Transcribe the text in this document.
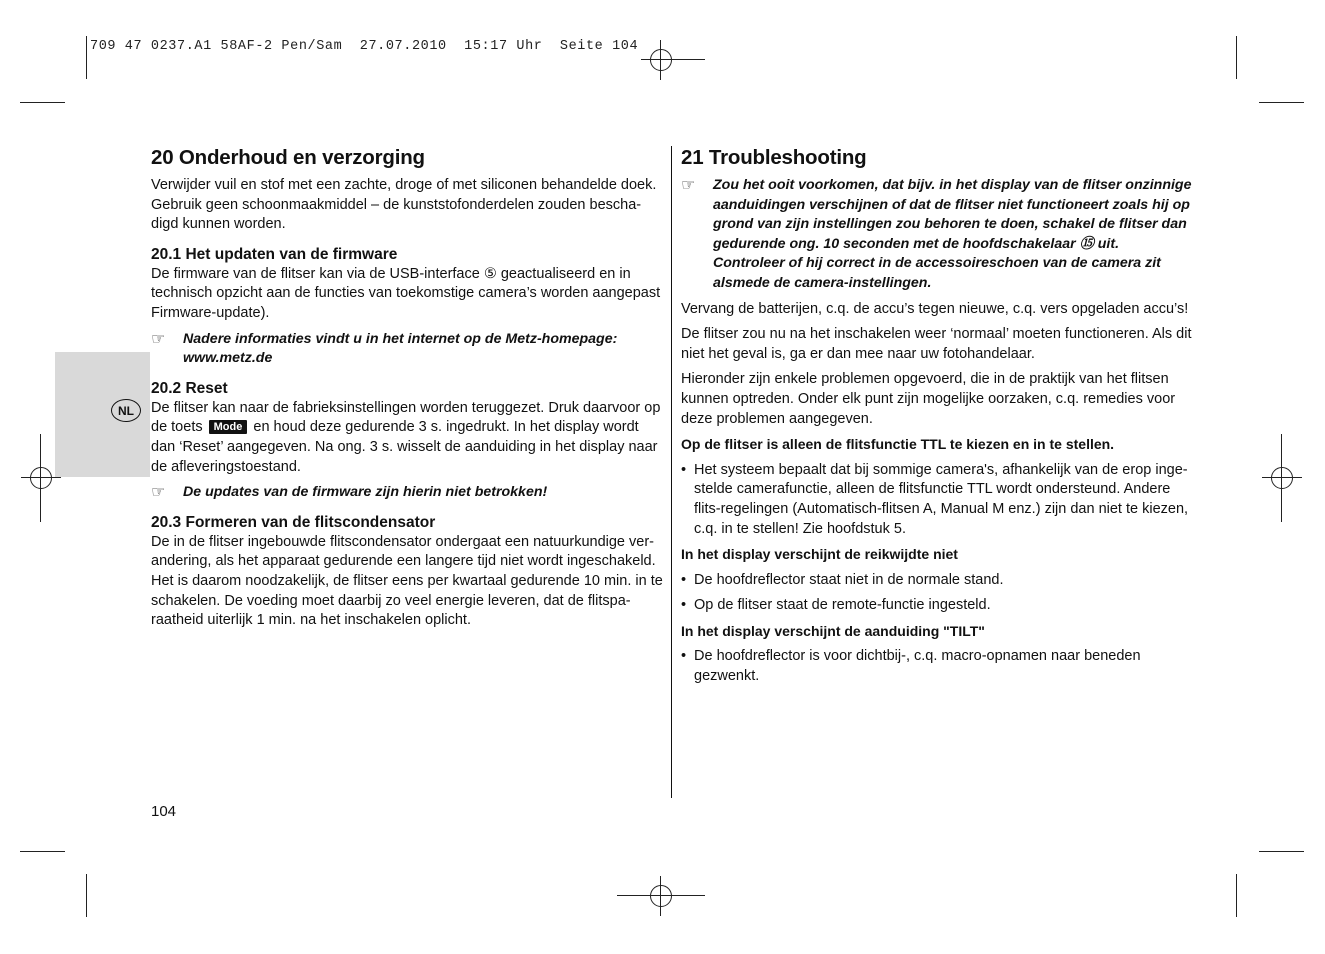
709 47 0237.A1 58AF-2 Pen/Sam  27.07.2010  15:17 Uhr  Seite 104
NL
20 Onderhoud en verzorging

Verwijder vuil en stof met een zachte, droge of met siliconen behandelde doek. Gebruik geen schoonmaakmiddel – de kunststofonderdelen zouden bescha-digd kunnen worden.

20.1 Het updaten van de firmware

De firmware van de flitser kan via de USB-interface ⑤ geactualiseerd en in technisch opzicht aan de functies van toekomstige camera’s worden aangepast Firmware-update).

☞	Nadere informaties vindt u in het internet op de Metz-homepage: www.metz.de
20.2 Reset

De flitser kan naar de fabrieksinstellingen worden teruggezet. Druk daarvoor op de toets Mode en houd deze gedurende 3 s. ingedrukt. In het display wordt dan ‘Reset’ aangegeven. Na ong. 3 s. wisselt de aanduiding in het display naar de afleveringstoestand.

☞	De updates van de firmware zijn hierin niet betrokken!
20.3 Formeren van de flitscondensator

De in de flitser ingebouwde flitscondensator ondergaat een natuurkundige ver-andering, als het apparaat gedurende een langere tijd niet wordt ingeschakeld. Het is daarom noodzakelijk, de flitser eens per kwartaal gedurende 10 min. in te schakelen. De voeding moet daarbij zo veel energie leveren, dat de flitspa-raatheid uiterlijk 1 min. na het inschakelen oplicht.

21 Troubleshooting
☞	Zou het ooit voorkomen, dat bijv. in het display van de flitser onzinnige aanduidingen verschijnen of dat de flitser niet functioneert zoals hij op grond van zijn instellingen zou behoren te doen, schakel de flitser dan gedurende ong. 10 seconden met de hoofdschakelaar ⑮ uit. Controleer of hij correct in de accessoireschoen van de camera zit alsmede de camera-instellingen.

Vervang de batterijen, c.q. de accu’s tegen nieuwe, c.q. vers opgeladen accu’s!

De flitser zou nu na het inschakelen weer ‘normaal’ moeten functioneren. Als dit niet het geval is, ga er dan mee naar uw fotohandelaar.

Hieronder zijn enkele problemen opgevoerd, die in de praktijk van het flitsen kunnen optreden. Onder elk punt zijn mogelijke oorzaken, c.q. remedies voor deze problemen aangegeven.

Op de flitser is alleen de flitsfunctie TTL te kiezen en in te stellen.

• Het systeem bepaalt dat bij sommige camera's, afhankelijk van de erop inge-stelde camerafunctie, alleen de flitsfunctie TTL wordt ondersteund. Andere flits-regelingen (Automatisch-flitsen A, Manual M enz.) zijn dan niet te kiezen, c.q. in te stellen! Zie hoofdstuk 5.

In het display verschijnt de reikwijdte niet

• De hoofdreflector staat niet in de normale stand.
• Op de flitser staat de remote-functie ingesteld.

In het display verschijnt de aanduiding "TILT"

• De hoofdreflector is voor dichtbij-, c.q. macro-opnamen naar beneden gezwenkt.
104
